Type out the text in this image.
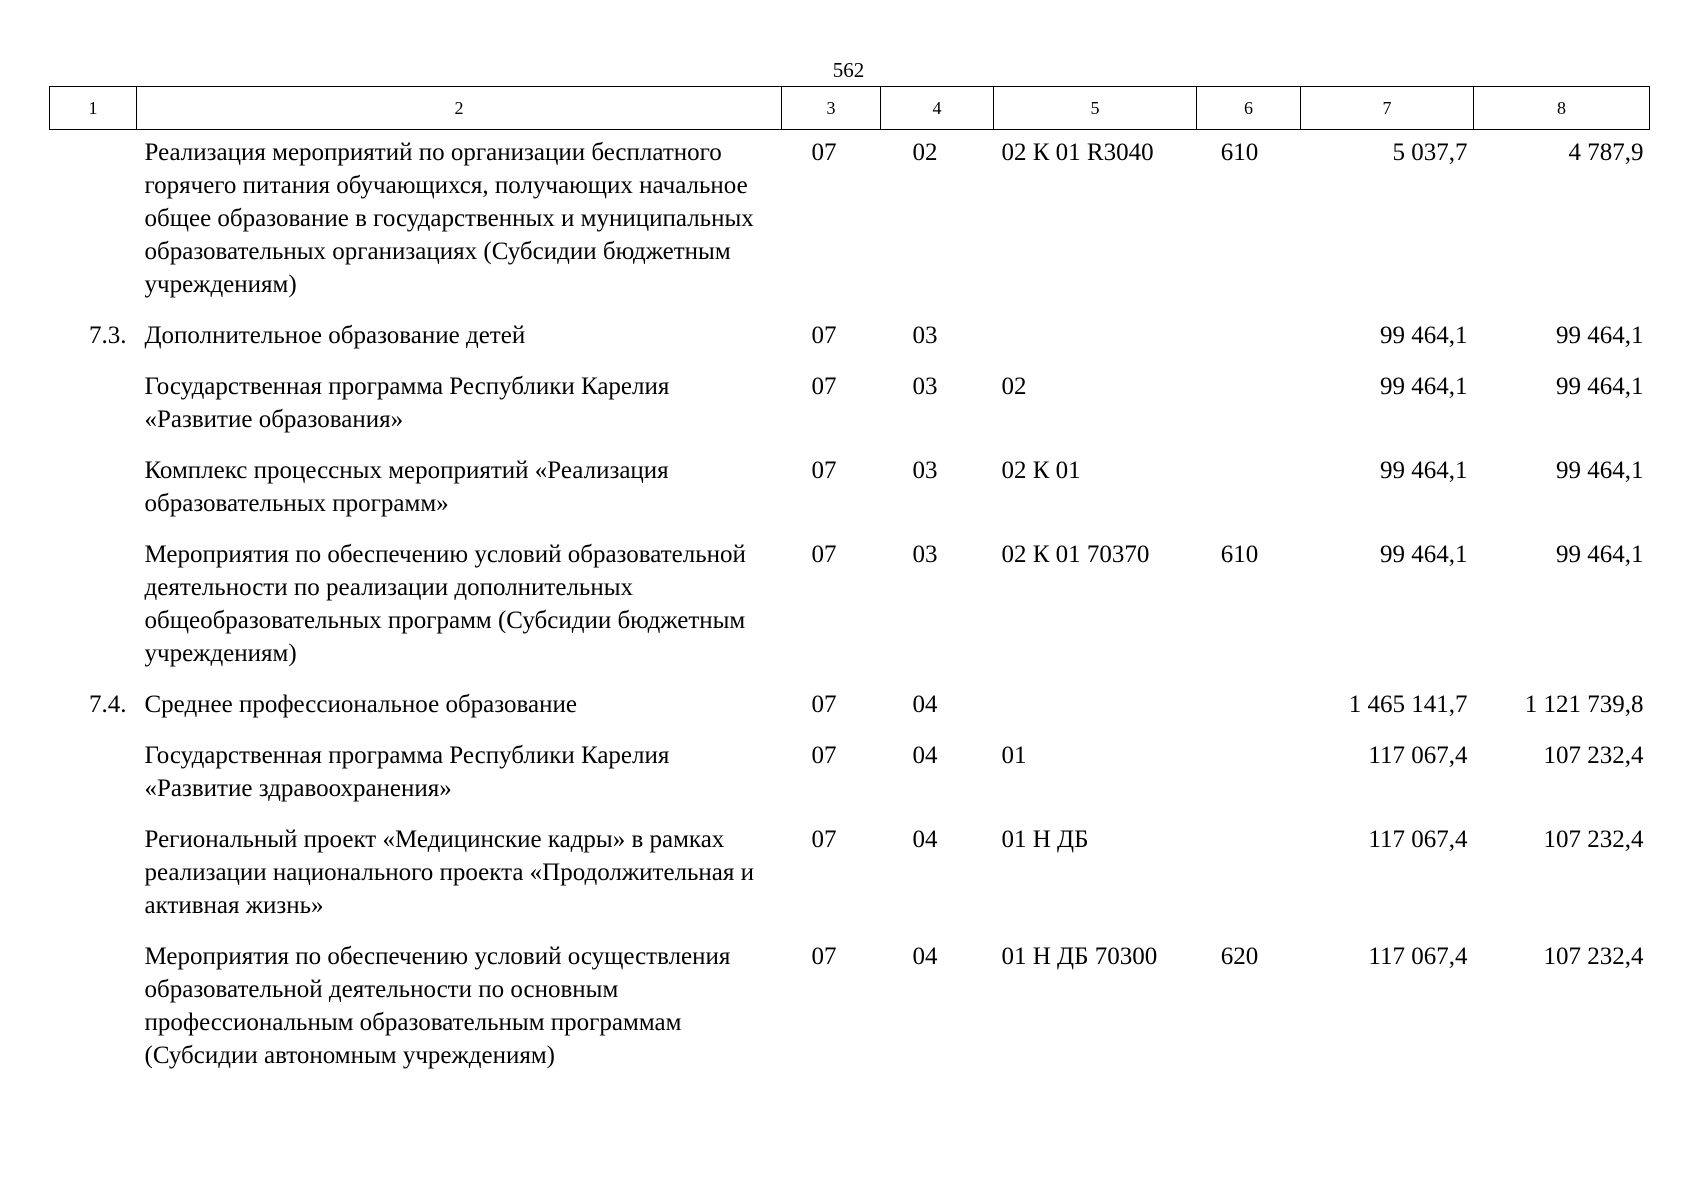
562
1	2	3	4	5	6	7	8
	Реализация мероприятий по организации бесплатного горячего питания обучающихся, получающих начальное общее образование в государственных и муниципальных образовательных организациях (Субсидии бюджетным учреждениям)	07	02	02 К 01 R3040	610	5 037,7	4 787,9
7.3.	Дополнительное образование детей	07	03			99 464,1	99 464,1
	Государственная программа Республики Карелия «Развитие образования»	07	03	02		99 464,1	99 464,1
	Комплекс процессных мероприятий «Реализация образовательных программ»	07	03	02 К 01		99 464,1	99 464,1
	Мероприятия по обеспечению условий образовательной деятельности по реализации дополнительных общеобразовательных программ (Субсидии бюджетным учреждениям)	07	03	02 К 01 70370	610	99 464,1	99 464,1
7.4.	Среднее профессиональное образование	07	04			1 465 141,7	1 121 739,8
	Государственная программа Республики Карелия «Развитие здравоохранения»	07	04	01		117 067,4	107 232,4
	Региональный проект «Медицинские кадры» в рамках реализации национального проекта «Продолжительная и активная жизнь»	07	04	01 Н ДБ		117 067,4	107 232,4
	Мероприятия по обеспечению условий осуществления образовательной деятельности по основным профессиональным образовательным программам (Субсидии автономным учреждениям)	07	04	01 Н ДБ 70300	620	117 067,4	107 232,4
